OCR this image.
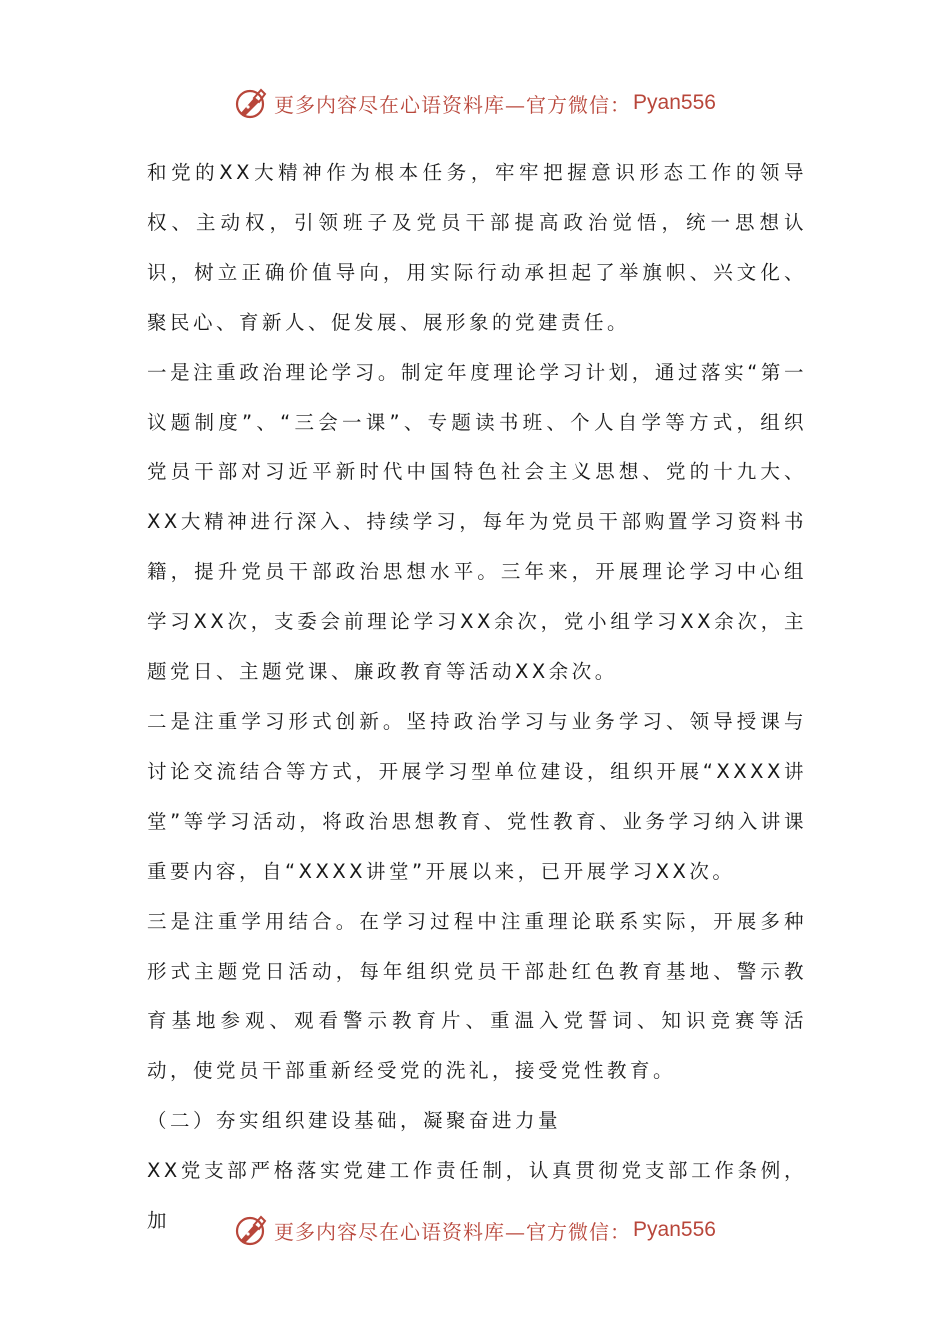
更多内容尽在心语资料库—官方微信： Pyan556

和党的XX大精神作为根本任务，牢牢把握意识形态工作的领导权、主动权，引领班子及党员干部提高政治觉悟，统一思想认识，树立正确价值导向，用实际行动承担起了举旗帜、兴文化、聚民心、育新人、促发展、展形象的党建责任。

一是注重政治理论学习。制定年度理论学习计划，通过落实“第一议题制度”、“三会一课”、专题读书班、个人自学等方式，组织党员干部对习近平新时代中国特色社会主义思想、党的十九大、XX大精神进行深入、持续学习，每年为党员干部购置学习资料书籍，提升党员干部政治思想水平。三年来，开展理论学习中心组学习XX次，支委会前理论学习XX余次，党小组学习XX余次，主题党日、主题党课、廉政教育等活动XX余次。

二是注重学习形式创新。坚持政治学习与业务学习、领导授课与讨论交流结合等方式，开展学习型单位建设，组织开展“XXXX讲堂”等学习活动，将政治思想教育、党性教育、业务学习纳入讲课重要内容，自“XXXX讲堂”开展以来，已开展学习XX次。

三是注重学用结合。在学习过程中注重理论联系实际，开展多种形式主题党日活动，每年组织党员干部赴红色教育基地、警示教育基地参观、观看警示教育片、重温入党誓词、知识竞赛等活动，使党员干部重新经受党的洗礼，接受党性教育。

（二）夯实组织建设基础，凝聚奋进力量

XX党支部严格落实党建工作责任制，认真贯彻党支部工作条例，加	更多内容尽在心语资料库—官方微信： Pyan556
